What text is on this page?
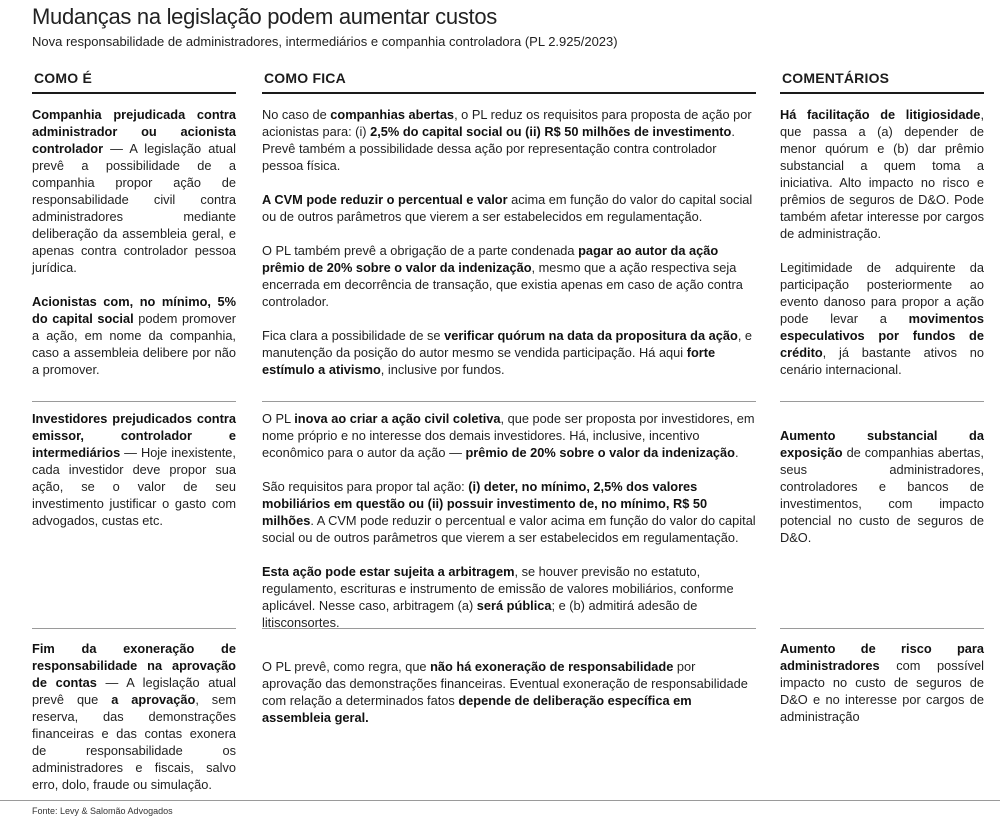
Mudanças na legislação podem aumentar custos
Nova responsabilidade de administradores, intermediários e companhia controladora (PL 2.925/2023)
COMO É	COMO FICA	COMENTÁRIOS

Companhia prejudicada contra administrador ou acionista controlador — A legislação atual prevê a possibilidade de a companhia propor ação de responsabilidade civil contra administradores mediante deliberação da assembleia geral, e apenas contra controlador pessoa jurídica.

Acionistas com, no mínimo, 5% do capital social podem promover a ação, em nome da companhia, caso a assembleia delibere por não a promover.

No caso de companhias abertas, o PL reduz os requisitos para proposta de ação por acionistas para: (i) 2,5% do capital social ou (ii) R$ 50 milhões de investimento. Prevê também a possibilidade dessa ação por representação contra controlador pessoa física.

A CVM pode reduzir o percentual e valor acima em função do valor do capital social ou de outros parâmetros que vierem a ser estabelecidos em regulamentação.

O PL também prevê a obrigação de a parte condenada pagar ao autor da ação prêmio de 20% sobre o valor da indenização, mesmo que a ação respectiva seja encerrada em decorrência de transação, que existia apenas em caso de ação contra controlador.

Fica clara a possibilidade de se verificar quórum na data da propositura da ação, e manutenção da posição do autor mesmo se vendida participação. Há aqui forte estímulo a ativismo, inclusive por fundos.

Há facilitação de litigiosidade, que passa a (a) depender de menor quórum e (b) dar prêmio substancial a quem toma a iniciativa. Alto impacto no risco e prêmios de seguros de D&O. Pode também afetar interesse por cargos de administração.

Legitimidade de adquirente da participação posteriormente ao evento danoso para propor a ação pode levar a movimentos especulativos por fundos de crédito, já bastante ativos no cenário internacional.

Investidores prejudicados contra emissor, controlador e intermediários — Hoje inexistente, cada investidor deve propor sua ação, se o valor de seu investimento justificar o gasto com advogados, custas etc.

O PL inova ao criar a ação civil coletiva, que pode ser proposta por investidores, em nome próprio e no interesse dos demais investidores. Há, inclusive, incentivo econômico para o autor da ação — prêmio de 20% sobre o valor da indenização.

São requisitos para propor tal ação: (i) deter, no mínimo, 2,5% dos valores mobiliários em questão ou (ii) possuir investimento de, no mínimo, R$ 50 milhões. A CVM pode reduzir o percentual e valor acima em função do valor do capital social ou de outros parâmetros que vierem a ser estabelecidos em regulamentação.

Esta ação pode estar sujeita a arbitragem, se houver previsão no estatuto, regulamento, escrituras e instrumento de emissão de valores mobiliários, conforme aplicável. Nesse caso, arbitragem (a) será pública; e (b) admitirá adesão de litisconsortes.

Aumento substancial da exposição de companhias abertas, seus administradores, controladores e bancos de investimentos, com impacto potencial no custo de seguros de D&O.

Fim da exoneração de responsabilidade na aprovação de contas — A legislação atual prevê que a aprovação, sem reserva, das demonstrações financeiras e das contas exonera de responsabilidade os administradores e fiscais, salvo erro, dolo, fraude ou simulação.

O PL prevê, como regra, que não há exoneração de responsabilidade por aprovação das demonstrações financeiras. Eventual exoneração de responsabilidade com relação a determinados fatos depende de deliberação específica em assembleia geral.

Aumento de risco para administradores com possível impacto no custo de seguros de D&O e no interesse por cargos de administração

Fonte: Levy & Salomão Advogados
